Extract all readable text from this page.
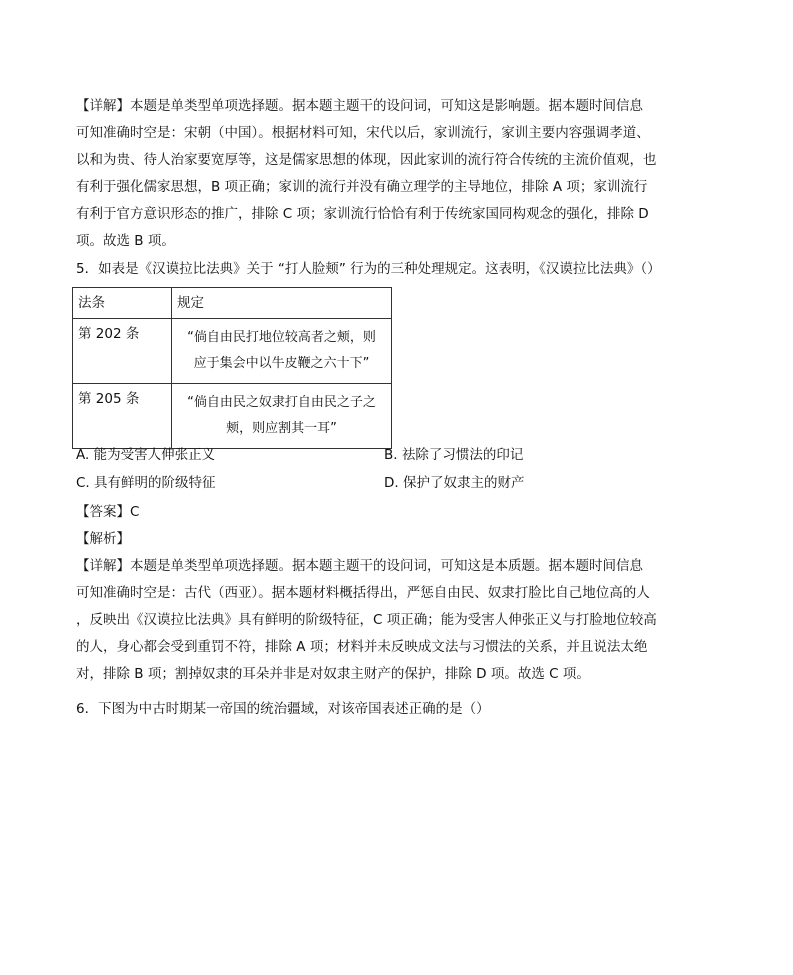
【详解】本题是单类型单项选择题。据本题主题干的设问词，可知这是影响题。据本题时间信息
可知准确时空是：宋朝（中国）。根据材料可知，宋代以后，家训流行，家训主要内容强调孝道、
以和为贵、待人治家要宽厚等，这是儒家思想的体现，因此家训的流行符合传统的主流价值观，也
有利于强化儒家思想，B 项正确；家训的流行并没有确立理学的主导地位，排除 A 项；家训流行
有利于官方意识形态的推广，排除 C 项；家训流行恰恰有利于传统家国同构观念的强化，排除 D
项。故选 B 项。
5．如表是《汉谟拉比法典》关于 “打人脸颊” 行为的三种处理规定。这表明，《汉谟拉比法典》（）
法条	规定
第 202 条	“倘自由民打地位较高者之颊，则
应于集会中以牛皮鞭之六十下”

第 205 条	“倘自由民之奴隶打自由民之子之
颊，则应割其一耳”
A. 能为受害人伸张正义	B. 祛除了习惯法的印记
C. 具有鲜明的阶级特征	D. 保护了奴隶主的财产
【答案】C
【解析】
【详解】本题是单类型单项选择题。据本题主题干的设问词，可知这是本质题。据本题时间信息
可知准确时空是：古代（西亚）。据本题材料概括得出，严惩自由民、奴隶打脸比自己地位高的人
，反映出《汉谟拉比法典》具有鲜明的阶级特征，C 项正确；能为受害人伸张正义与打脸地位较高
的人，身心都会受到重罚不符，排除 A 项；材料并未反映成文法与习惯法的关系，并且说法太绝
对，排除 B 项；割掉奴隶的耳朵并非是对奴隶主财产的保护，排除 D 项。故选 C 项。
6．下图为中古时期某一帝国的统治疆域，对该帝国表述正确的是（）
